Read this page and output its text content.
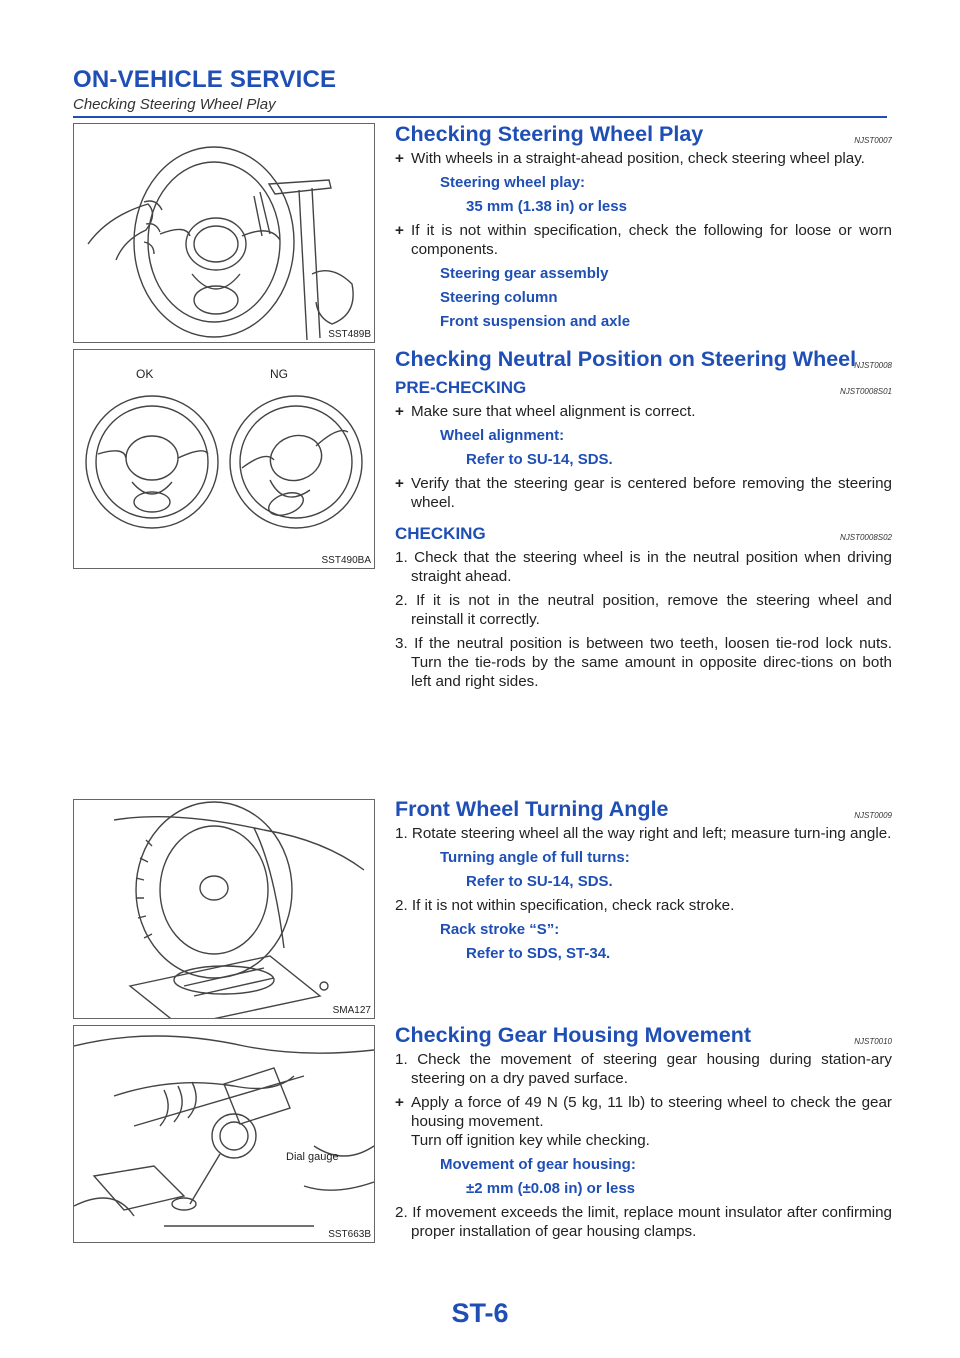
ON-VEHICLE SERVICE
Checking Steering Wheel Play
SST489B
OK	NG
SST490BA
SMA127
Dial gauge
SST663B
Checking Steering Wheel Play	NJST0007

+ With wheels in a straight-ahead position, check steering wheel play.

Steering wheel play:
35 mm (1.38 in) or less

+ If it is not within specification, check the following for loose or worn components.

Steering gear assembly
Steering column
Front suspension and axle
Checking Neutral Position on Steering Wheel
NJST0008
PRE-CHECKING	NJST0008S01

+ Make sure that wheel alignment is correct.

Wheel alignment:
Refer to SU-14, SDS.

+ Verify that the steering gear is centered before removing the steering wheel.

CHECKING	NJST0008S02

1. Check that the steering wheel is in the neutral position when driving straight ahead.

2. If it is not in the neutral position, remove the steering wheel and reinstall it correctly.

3. If the neutral position is between two teeth, loosen tie-rod lock nuts. Turn the tie-rods by the same amount in opposite direc-tions on both left and right sides.

Front Wheel Turning Angle	NJST0009

1. Rotate steering wheel all the way right and left; measure turn-ing angle.

Turning angle of full turns:
Refer to SU-14, SDS.

2. If it is not within specification, check rack stroke.

Rack stroke “S”:
Refer to SDS, ST-34.
Checking Gear Housing Movement	NJST0010

1. Check the movement of steering gear housing during station-ary steering on a dry paved surface.

+ Apply a force of 49 N (5 kg, 11 lb) to steering wheel to check the gear housing movement.

Turn off ignition key while checking.

Movement of gear housing:
±2 mm (±0.08 in) or less

2. If movement exceeds the limit, replace mount insulator after confirming proper installation of gear housing clamps.

ST-6
